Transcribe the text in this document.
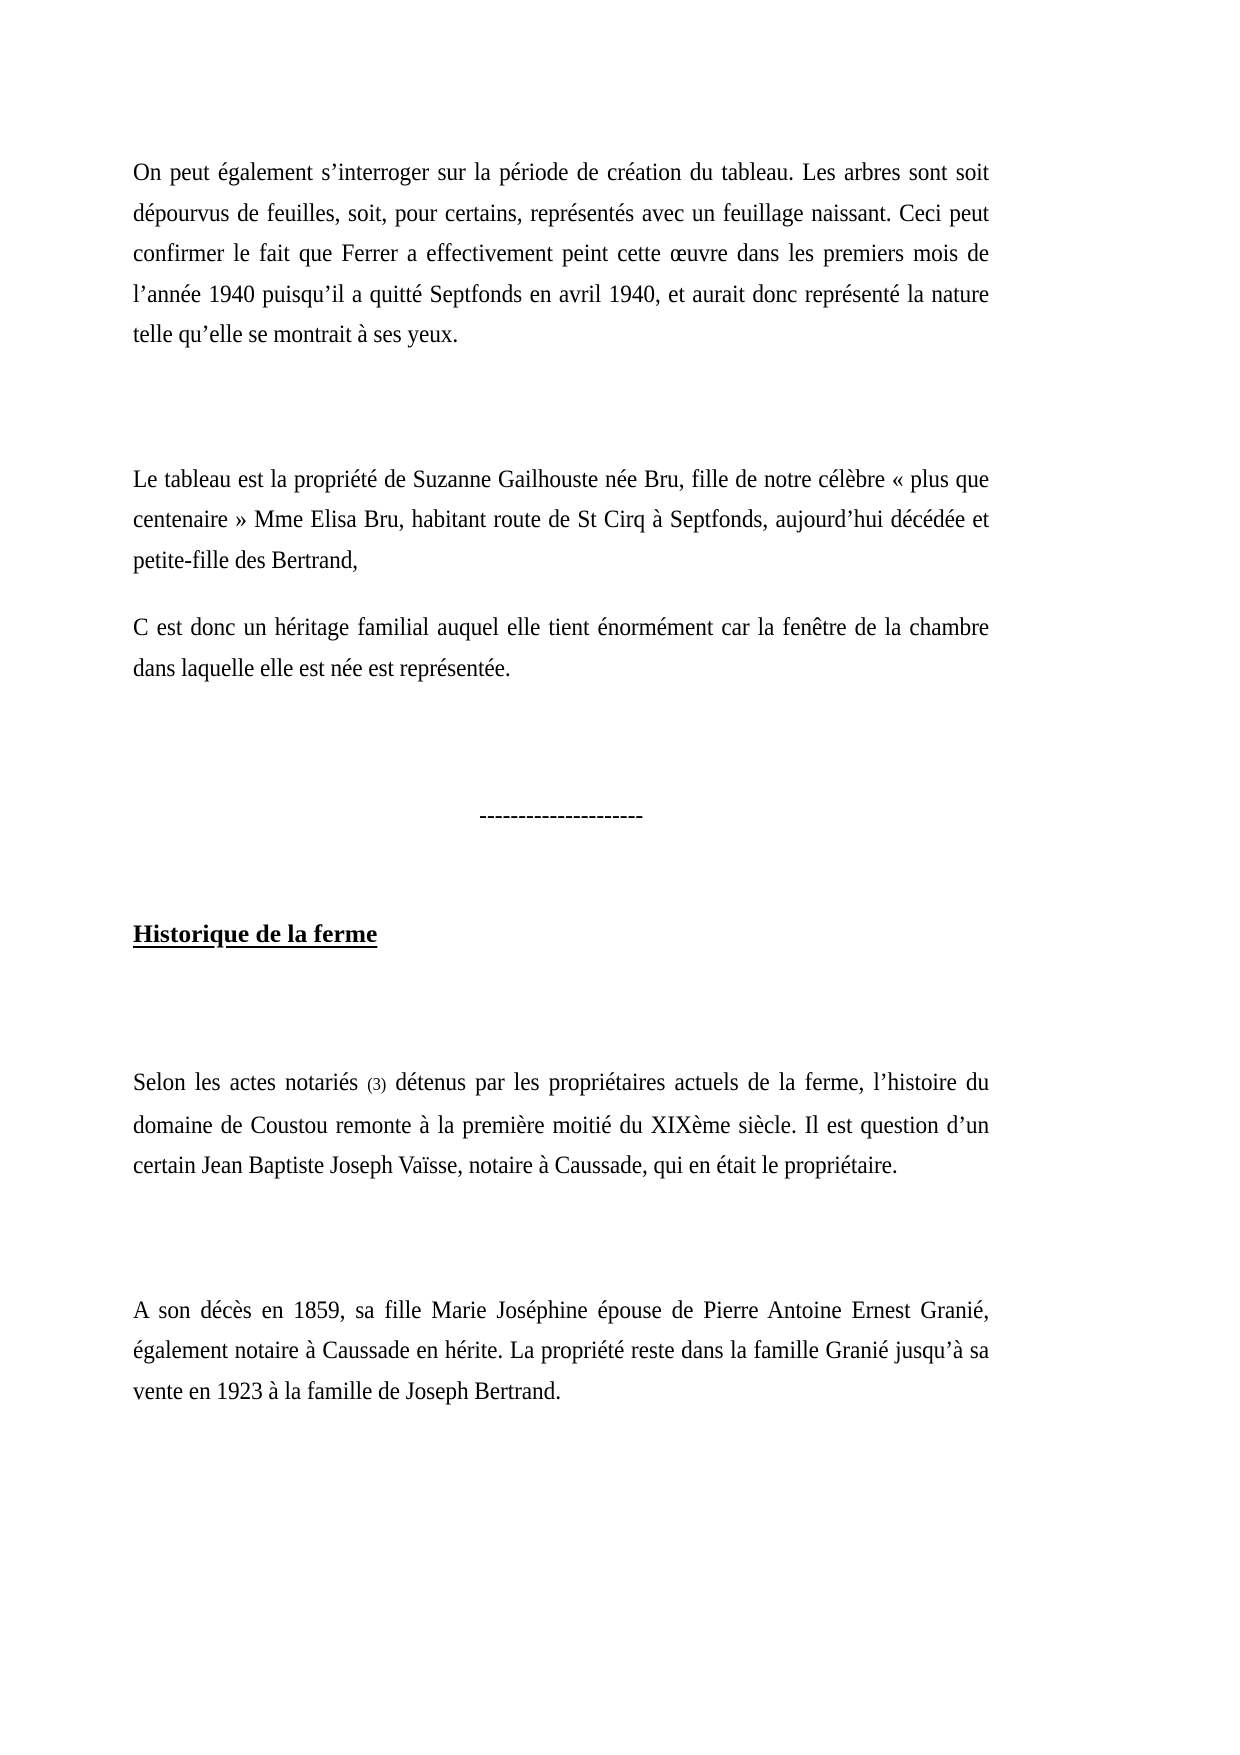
On peut également s’interroger sur la période de création du tableau. Les arbres sont soit dépourvus de feuilles, soit, pour certains, représentés avec un feuillage naissant. Ceci peut confirmer le fait que Ferrer a effectivement peint cette œuvre dans les premiers mois de l’année 1940 puisqu’il a quitté Septfonds en avril 1940, et aurait donc représenté la nature telle qu’elle se montrait à ses yeux.

Le tableau est la propriété de Suzanne Gailhouste née Bru, fille de notre célèbre « plus que centenaire » Mme Elisa Bru, habitant route de St Cirq à Septfonds, aujourd’hui décédée et petite-fille des Bertrand,

C est donc un héritage familial auquel elle tient énormément car la fenêtre de la chambre dans laquelle elle est née est représentée.

---------------------
Historique de la ferme

Selon les actes notariés (3) détenus par les propriétaires actuels de la ferme, l’histoire du domaine de Coustou remonte à la première moitié du XIXème siècle. Il est question d’un certain Jean Baptiste Joseph Vaïsse, notaire à Caussade, qui en était le propriétaire.

A son décès en 1859, sa fille Marie Joséphine épouse de Pierre Antoine Ernest Granié, également notaire à Caussade en hérite. La propriété reste dans la famille Granié jusqu’à sa vente en 1923 à la famille de Joseph Bertrand.
